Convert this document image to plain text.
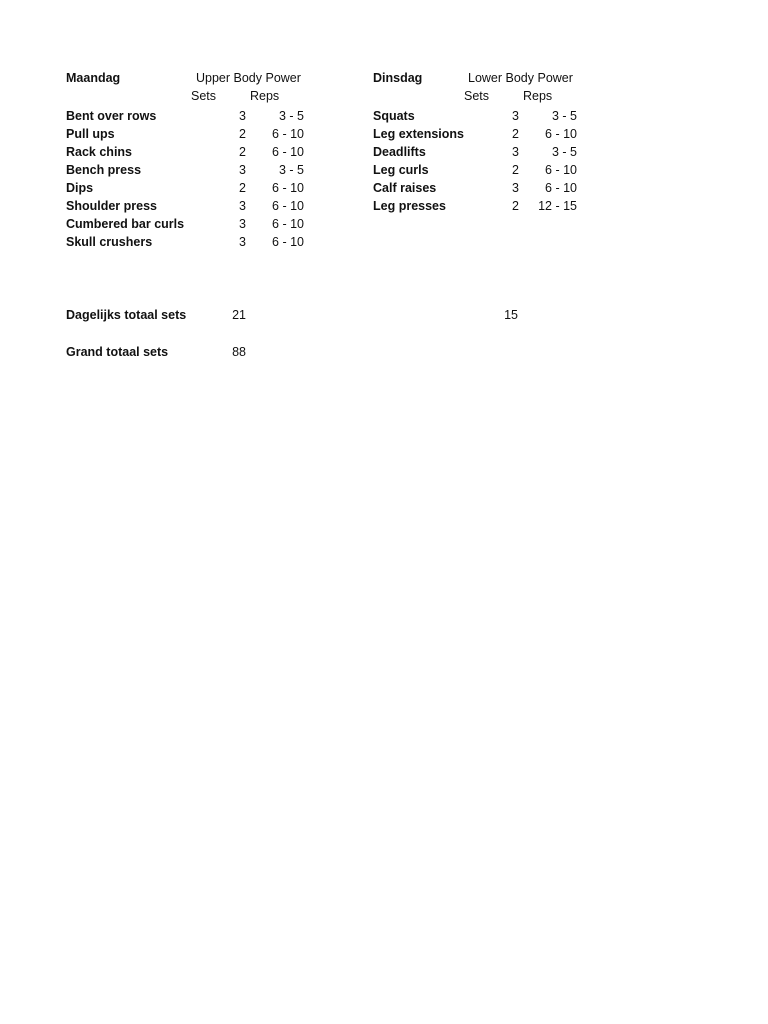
Maandag	Upper Body Power
Sets	Reps
Bent over rows	3	3 - 5
Pull ups	2	6 - 10
Rack chins	2	6 - 10
Bench press	3	3 - 5
Dips	2	6 - 10
Shoulder press	3	6 - 10
Cumbered bar curls	3	6 - 10
Skull crushers	3	6 - 10
Dinsdag	Lower Body Power
Sets	Reps
Squats	3	3 - 5
Leg extensions	2	6 - 10
Deadlifts	3	3 - 5
Leg curls	2	6 - 10
Calf raises	3	6 - 10
Leg presses	2	12 - 15
Dagelijks totaal sets	21	15
Grand totaal sets	88
